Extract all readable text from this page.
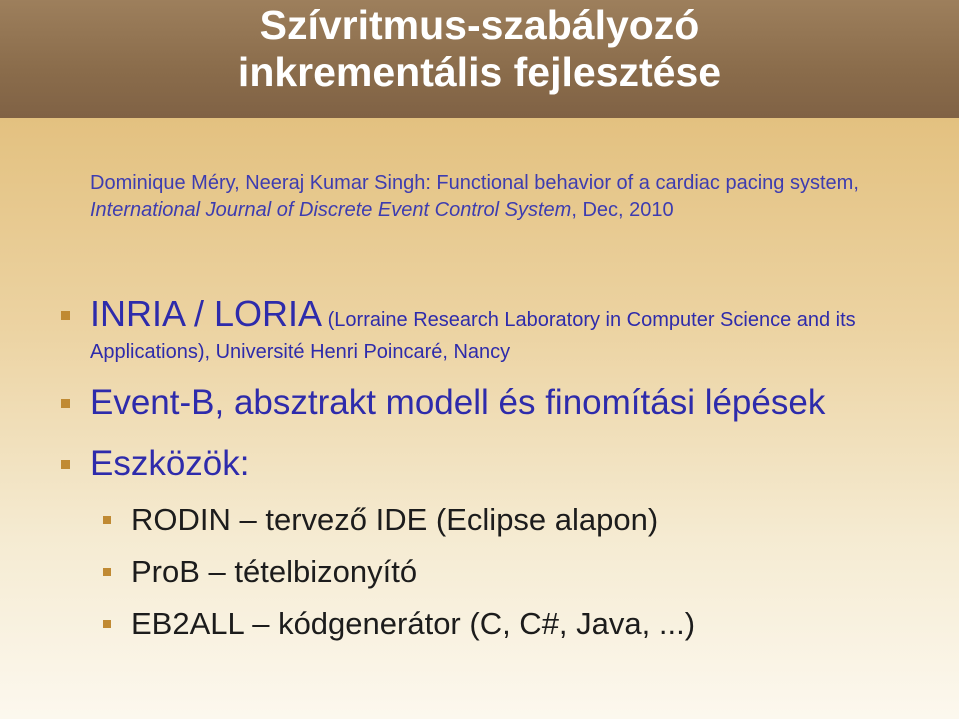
Szívritmus-szabályozó
inkrementális fejlesztése

Dominique Méry, Neeraj Kumar Singh: Functional behavior of a cardiac pacing system, International Journal of Discrete Event Control System, Dec, 2010

INRIA / LORIA (Lorraine Research Laboratory in Computer Science and its Applications), Université Henri Poincaré, Nancy

Event-B, absztrakt modell és finomítási lépések

Eszközök:

RODIN – tervező IDE (Eclipse alapon)

ProB – tételbizonyító

EB2ALL – kódgenerátor (C, C#, Java, ...)
